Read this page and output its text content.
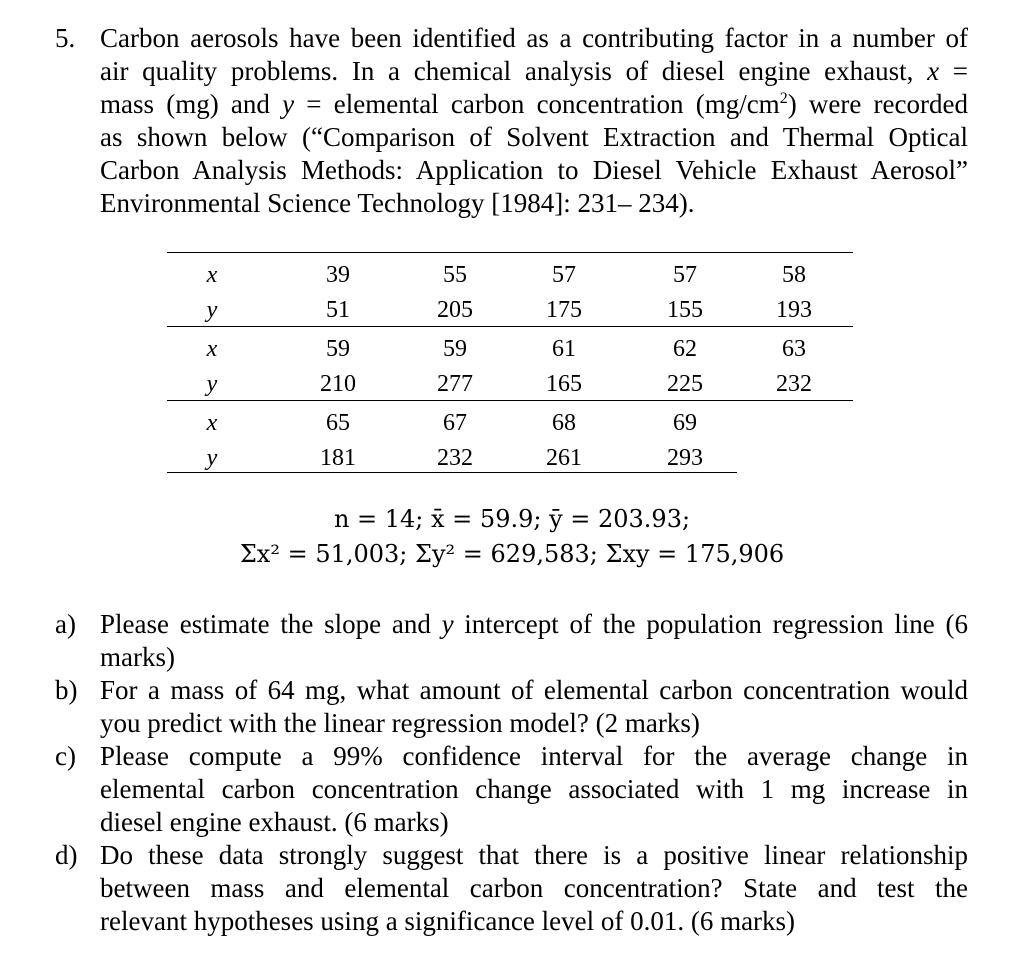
5. Carbon aerosols have been identified as a contributing factor in a number of
air quality problems. In a chemical analysis of diesel engine exhaust, x =
mass (mg) and y = elemental carbon concentration $(mg/cm^2)$ were recorded
as shown below (“Comparison of Solvent Extraction and Thermal Optical
Carbon Analysis Methods: Application to Diesel Vehicle Exhaust Aerosol”
Environmental Science Technology [1984]: 231– 234).
x	39	55	57	57	58
y	51	205	175	155	193
x	59	59	61	62	63
y	210	277	165	225	232
x	65	67	68	69
y	181	232	261	293
n = 14; x̄ = 59.9; ȳ = 203.93;
Σx² = 51,003; Σy² = 629,583; Σxy = 175,906
a) Please estimate the slope and y intercept of the population regression line (6
marks)
b) For a mass of 64 mg, what amount of elemental carbon concentration would
you predict with the linear regression model? (2 marks)
c) Please compute a 99% confidence interval for the average change in
elemental carbon concentration change associated with 1 mg increase in
diesel engine exhaust. (6 marks)
d) Do these data strongly suggest that there is a positive linear relationship
between mass and elemental carbon concentration? State and test the
relevant hypotheses using a significance level of 0.01. (6 marks)
